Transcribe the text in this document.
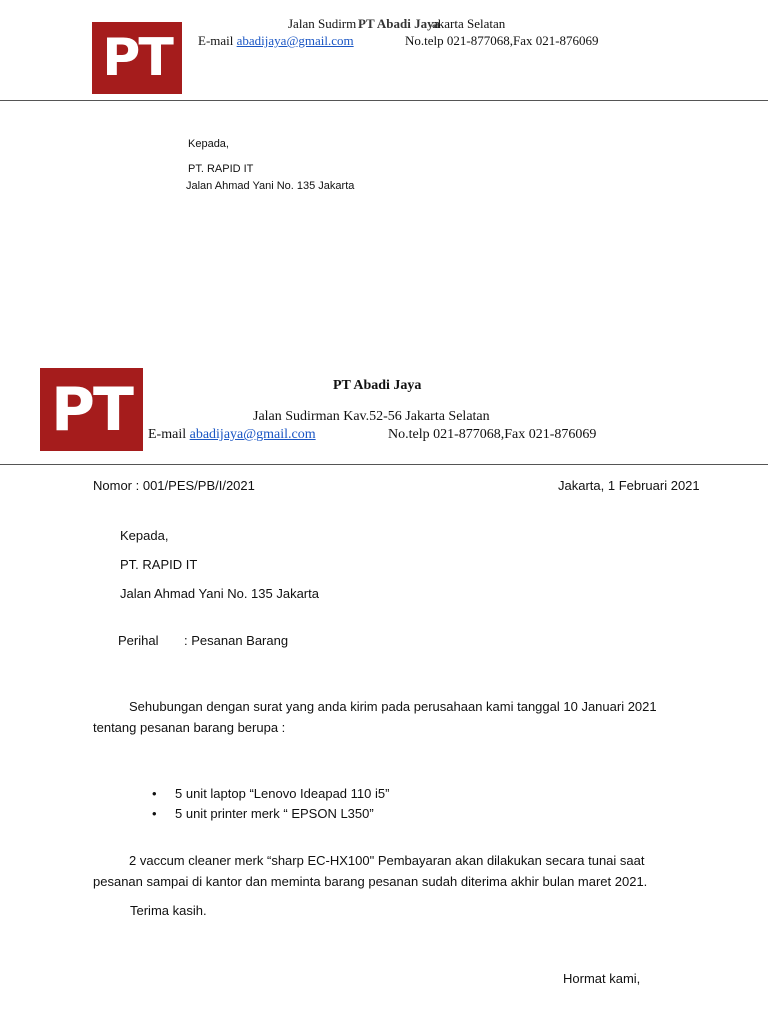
PT
Jalan Sudirm PT Abadi Jaya
akarta Selatan
E-mail abadijaya@gmail.com	No.telp 021-877068,Fax 021-876069
Kepada,
PT. RAPID IT
Jalan Ahmad Yani No. 135 Jakarta
PT	PT Abadi Jaya
Jalan Sudirman Kav.52-56 Jakarta Selatan
E-mail abadijaya@gmail.com	No.telp 021-877068,Fax 021-876069
Nomor : 001/PES/PB/I/2021	Jakarta, 1 Februari 2021
Kepada,
PT. RAPID IT
Jalan Ahmad Yani No. 135 Jakarta
Perihal : Pesanan Barang
Sehubungan dengan surat yang anda kirim pada perusahaan kami tanggal 10 Januari 2021
tentang pesanan barang berupa :
• 5 unit laptop “Lenovo Ideapad 110 i5”
• 5 unit printer merk “ EPSON L350”
2 vaccum cleaner merk “sharp EC-HX100" Pembayaran akan dilakukan secara tunai saat
pesanan sampai di kantor dan meminta barang pesanan sudah diterima akhir bulan maret 2021.
Terima kasih.
Hormat kami,
